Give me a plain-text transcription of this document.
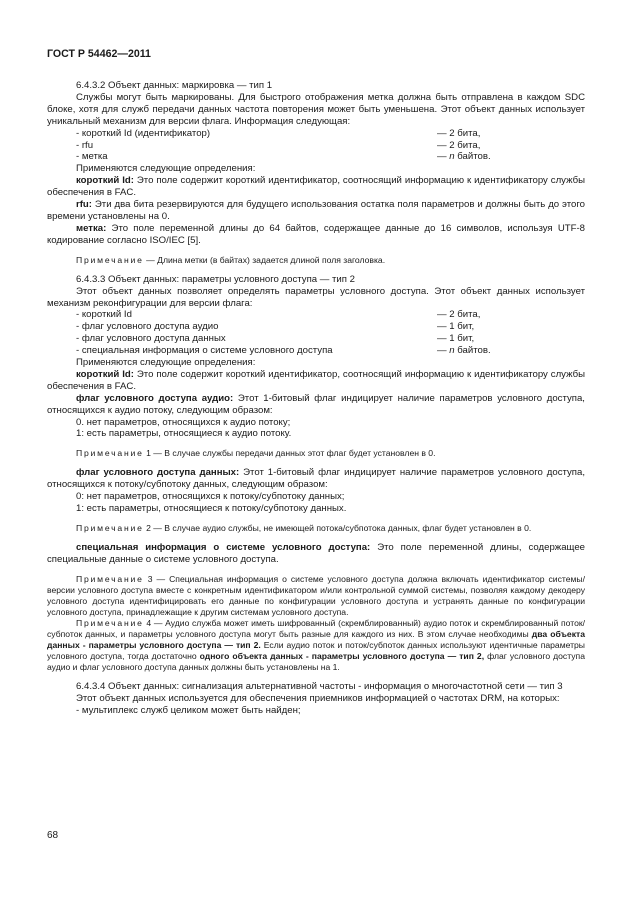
ГОСТ Р 54462—2011

6.4.3.2 Объект данных: маркировка — тип 1

Службы могут быть маркированы. Для быстрого отображения метка должна быть отправлена в каждом SDC блоке, хотя для служб передачи данных частота повторения может быть уменьшена. Этот объект данных использует уникальный механизм для версии флага. Информация следующая:

- короткий Id (идентификатор)	— 2 бита,
- rfu	— 2 бита,
- метка	— n байтов.

Применяются следующие определения:

короткий Id: Это поле содержит короткий идентификатор, соотносящий информацию к идентификатору службы обеспечения в FAC.

rfu: Эти два бита резервируются для будущего использования остатка поля параметров и должны быть до этого времени установлены на 0.

метка: Это поле переменной длины до 64 байтов, содержащее данные до 16 символов, используя UTF-8 кодирование согласно ISO/IEC [5].

Примечание — Длина метки (в байтах) задается длиной поля заголовка.

6.4.3.3 Объект данных: параметры условного доступа — тип 2

Этот объект данных позволяет определять параметры условного доступа. Этот объект данных использует механизм реконфигурации для версии флага:

- короткий Id	— 2 бита,
- флаг условного доступа аудио	— 1 бит,
- флаг условного доступа данных	— 1 бит,
- специальная информация о системе условного доступа	— n байтов.

Применяются следующие определения:

короткий Id: Это поле содержит короткий идентификатор, соотносящий информацию к идентификатору службы обеспечения в FAC.

флаг условного доступа аудио: Этот 1-битовый флаг индицирует наличие параметров условного доступа, относящихся к аудио потоку, следующим образом:

0. нет параметров, относящихся к аудио потоку;

1: есть параметры, относящиеся к аудио потоку.

Примечание 1 — В случае службы передачи данных этот флаг будет установлен в 0.

флаг условного доступа данных: Этот 1-битовый флаг индицирует наличие параметров условного доступа, относящихся к потоку/субпотоку данных, следующим образом:

0: нет параметров, относящихся к потоку/субпотоку данных;

1: есть параметры, относящиеся к потоку/субпотоку данных.

Примечание 2 — В случае аудио службы, не имеющей потока/субпотока данных, флаг будет установлен в 0.

специальная информация о системе условного доступа: Это поле переменной длины, содержащее специальные данные о системе условного доступа.

Примечание 3 — Специальная информация о системе условного доступа должна включать идентификатор системы/версии условного доступа вместе с конкретным идентификатором и/или контрольной суммой системы, позволяя каждому декодеру условного доступа идентифицировать его данные по конфигурации условного доступа и устранять данные по конфигурации условного доступа, принадлежащие к другим системам условного доступа.

Примечание 4 — Аудио служба может иметь шифрованный (скремблированный) аудио поток и скремблированный поток/субпоток данных, и параметры условного доступа могут быть разные для каждого из них. В этом случае необходимы два объекта данных - параметры условного доступа — тип 2. Если аудио поток и поток/субпоток данных используют идентичные параметры условного доступа, тогда достаточно одного объекта данных - параметры условного доступа — тип 2, флаг условного доступа аудио и флаг условного доступа данных должны быть установлены на 1.

6.4.3.4 Объект данных: сигнализация альтернативной частоты - информация о многочастотной сети — тип 3

Этот объект данных используется для обеспечения приемников информацией о частотах DRM, на которых:

- мультиплекс служб целиком может быть найден;

68
